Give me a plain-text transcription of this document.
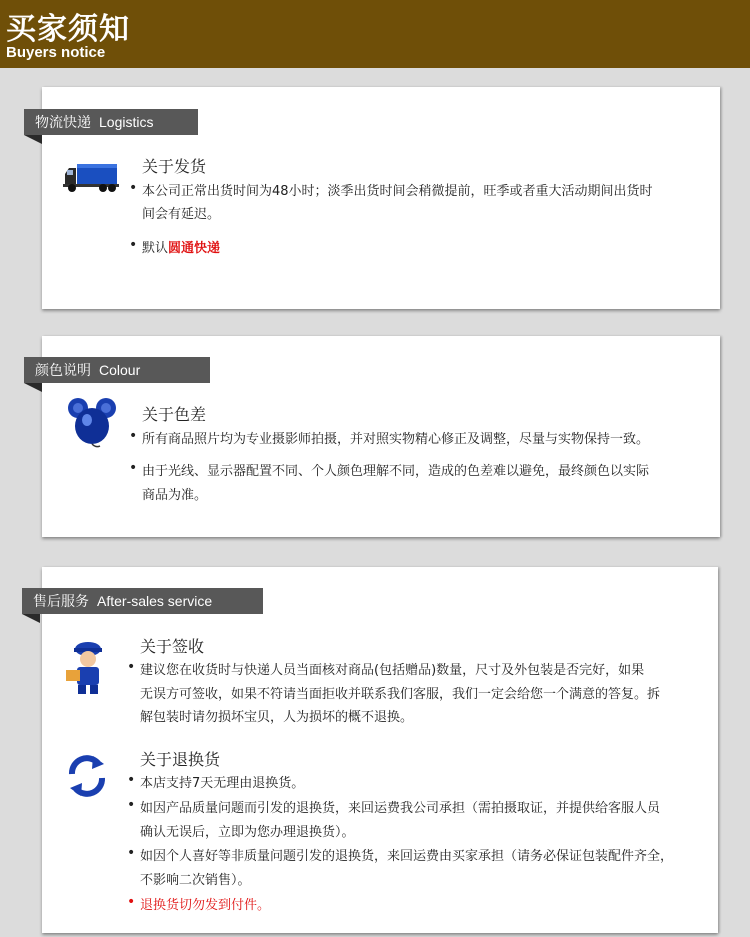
买家须知
Buyers notice
物流快递 Logistics
关于发货
• 本公司正常出货时间为48小时；淡季出货时间会稍微提前，旺季或者重大活动期间出货时
间会有延迟。
• 默认圆通快递
颜色说明 Colour
关于色差
• 所有商品照片均为专业摄影师拍摄，并对照实物精心修正及调整，尽量与实物保持一致。
• 由于光线、显示器配置不同、个人颜色理解不同，造成的色差难以避免，最终颜色以实际
商品为准。
售后服务 After-sales service
关于签收
• 建议您在收货时与快递人员当面核对商品(包括赠品)数量，尺寸及外包装是否完好，如果
无误方可签收，如果不符请当面拒收并联系我们客服，我们一定会给您一个满意的答复。拆
解包装时请勿损坏宝贝，人为损坏的概不退换。
关于退换货
• 本店支持7天无理由退换货。
• 如因产品质量问题而引发的退换货，来回运费我公司承担（需拍摄取证，并提供给客服人员
确认无误后，立即为您办理退换货）。
• 如因个人喜好等非质量问题引发的退换货，来回运费由买家承担（请务必保证包装配件齐全，
不影响二次销售）。
• 退换货切勿发到付件。
